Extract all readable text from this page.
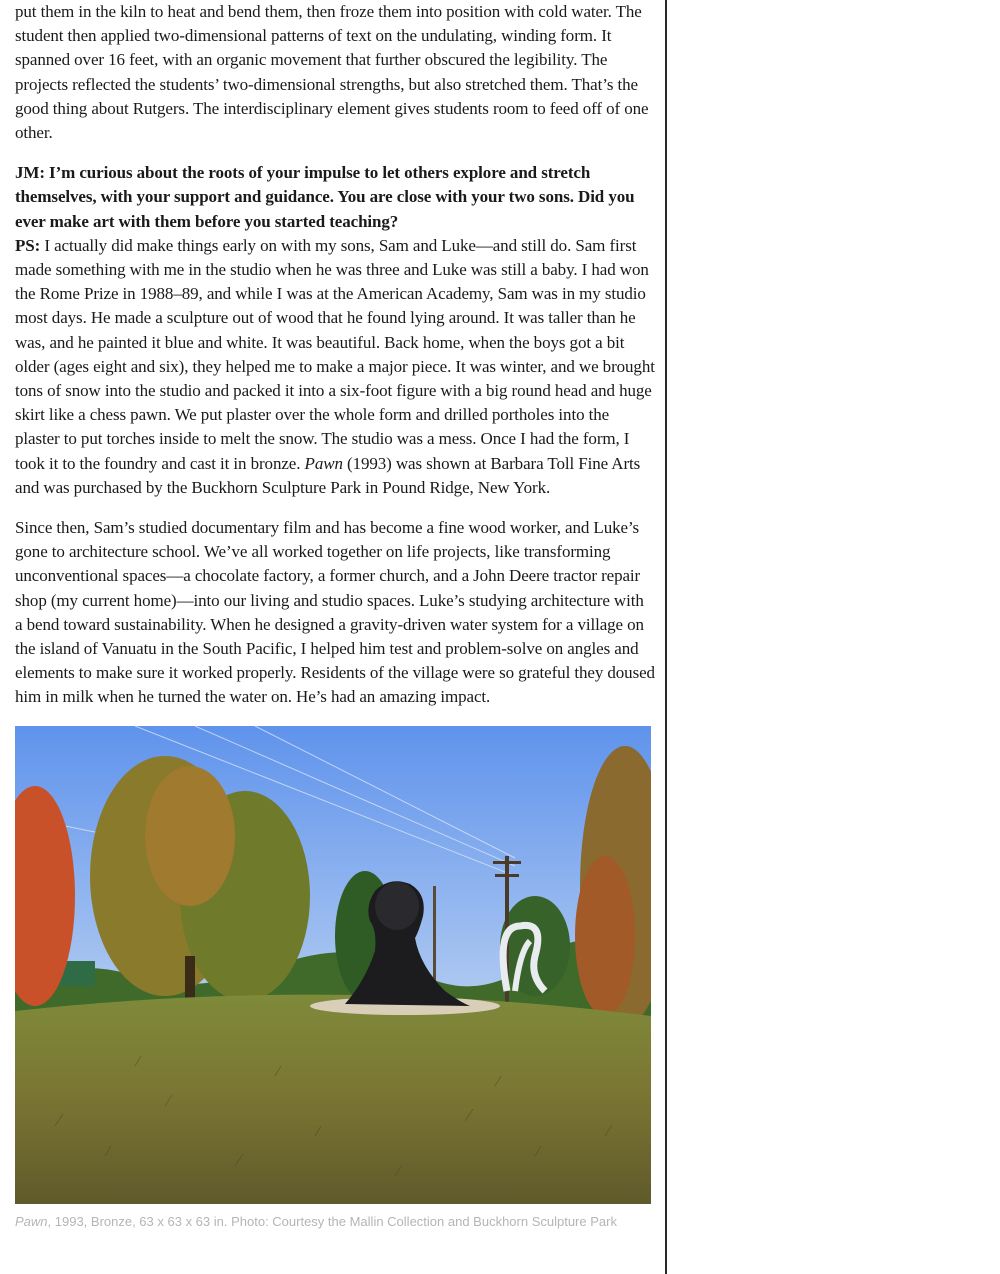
put them in the kiln to heat and bend them, then froze them into position with cold water. The student then applied two-dimensional patterns of text on the undulating, winding form. It spanned over 16 feet, with an organic movement that further obscured the legibility. The projects reflected the students’ two-dimensional strengths, but also stretched them. That’s the good thing about Rutgers. The interdisciplinary element gives students room to feed off of one other.

JM: I’m curious about the roots of your impulse to let others explore and stretch themselves, with your support and guidance. You are close with your two sons. Did you ever make art with them before you started teaching?

PS: I actually did make things early on with my sons, Sam and Luke—and still do. Sam first made something with me in the studio when he was three and Luke was still a baby. I had won the Rome Prize in 1988–89, and while I was at the American Academy, Sam was in my studio most days. He made a sculpture out of wood that he found lying around. It was taller than he was, and he painted it blue and white. It was beautiful. Back home, when the boys got a bit older (ages eight and six), they helped me to make a major piece. It was winter, and we brought tons of snow into the studio and packed it into a six-foot figure with a big round head and huge skirt like a chess pawn. We put plaster over the whole form and drilled portholes into the plaster to put torches inside to melt the snow. The studio was a mess. Once I had the form, I took it to the foundry and cast it in bronze. Pawn (1993) was shown at Barbara Toll Fine Arts and was purchased by the Buckhorn Sculpture Park in Pound Ridge, New York.

Since then, Sam’s studied documentary film and has become a fine wood worker, and Luke’s gone to architecture school. We’ve all worked together on life projects, like transforming unconventional spaces—a chocolate factory, a former church, and a John Deere tractor repair shop (my current home)—into our living and studio spaces. Luke’s studying architecture with a bend toward sustainability. When he designed a gravity-driven water system for a village on the island of Vanuatu in the South Pacific, I helped him test and problem-solve on angles and elements to make sure it worked properly. Residents of the village were so grateful they doused him in milk when he turned the water on. He’s had an amazing impact.

Pawn, 1993, Bronze, 63 x 63 x 63 in. Photo: Courtesy the Mallin Collection and Buckhorn Sculpture Park
